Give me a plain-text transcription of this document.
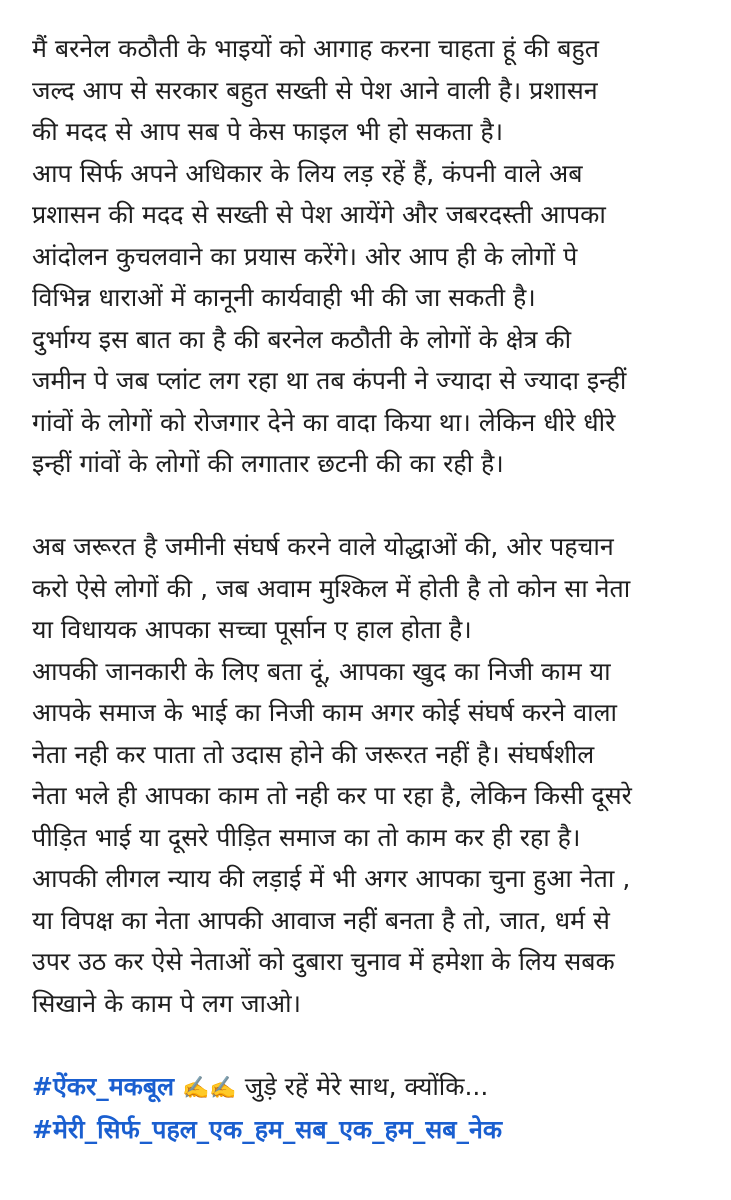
मैं बरनेल कठौती के भाइयों को आगाह करना चाहता हूं की बहुत

जल्द आप से सरकार बहुत सख्ती से पेश आने वाली है। प्रशासन

की मदद से आप सब पे केस फाइल भी हो सकता है।

आप सिर्फ अपने अधिकार के लिय लड़ रहें हैं, कंपनी वाले अब

प्रशासन की मदद से सख्ती से पेश आयेंगे और जबरदस्ती आपका

आंदोलन कुचलवाने का प्रयास करेंगे। ओर आप ही के लोगों पे

विभिन्न धाराओं में कानूनी कार्यवाही भी की जा सकती है।

दुर्भाग्य इस बात का है की बरनेल कठौती के लोगों के क्षेत्र की

जमीन पे जब प्लांट लग रहा था तब कंपनी ने ज्यादा से ज्यादा इन्हीं

गांवों के लोगों को रोजगार देने का वादा किया था। लेकिन धीरे धीरे

इन्हीं गांवों के लोगों की लगातार छटनी की का रही है।

अब जरूरत है जमीनी संघर्ष करने वाले योद्धाओं की, ओर पहचान

करो ऐसे लोगों की , जब अवाम मुश्किल में होती है तो कोन सा नेता

या विधायक आपका सच्चा पूर्सान ए हाल होता है।

आपकी जानकारी के लिए बता दूं, आपका खुद का निजी काम या

आपके समाज के भाई का निजी काम अगर कोई संघर्ष करने वाला

नेता नही कर पाता तो उदास होने की जरूरत नहीं है। संघर्षशील

नेता भले ही आपका काम तो नही कर पा रहा है, लेकिन किसी दूसरे

पीड़ित भाई या दूसरे पीड़ित समाज का तो काम कर ही रहा है।

आपकी लीगल न्याय की लड़ाई में भी अगर आपका चुना हुआ नेता ,

या विपक्ष का नेता आपकी आवाज नहीं बनता है तो, जात, धर्म से

उपर उठ कर ऐसे नेताओं को दुबारा चुनाव में हमेशा के लिय सबक

सिखाने के काम पे लग जाओ।

#ऐंकर_मकबूल ✍️✍️ जुड़े रहें मेरे साथ, क्योंकि...

#मेरी_सिर्फ_पहल_एक_हम_सब_एक_हम_सब_नेक
